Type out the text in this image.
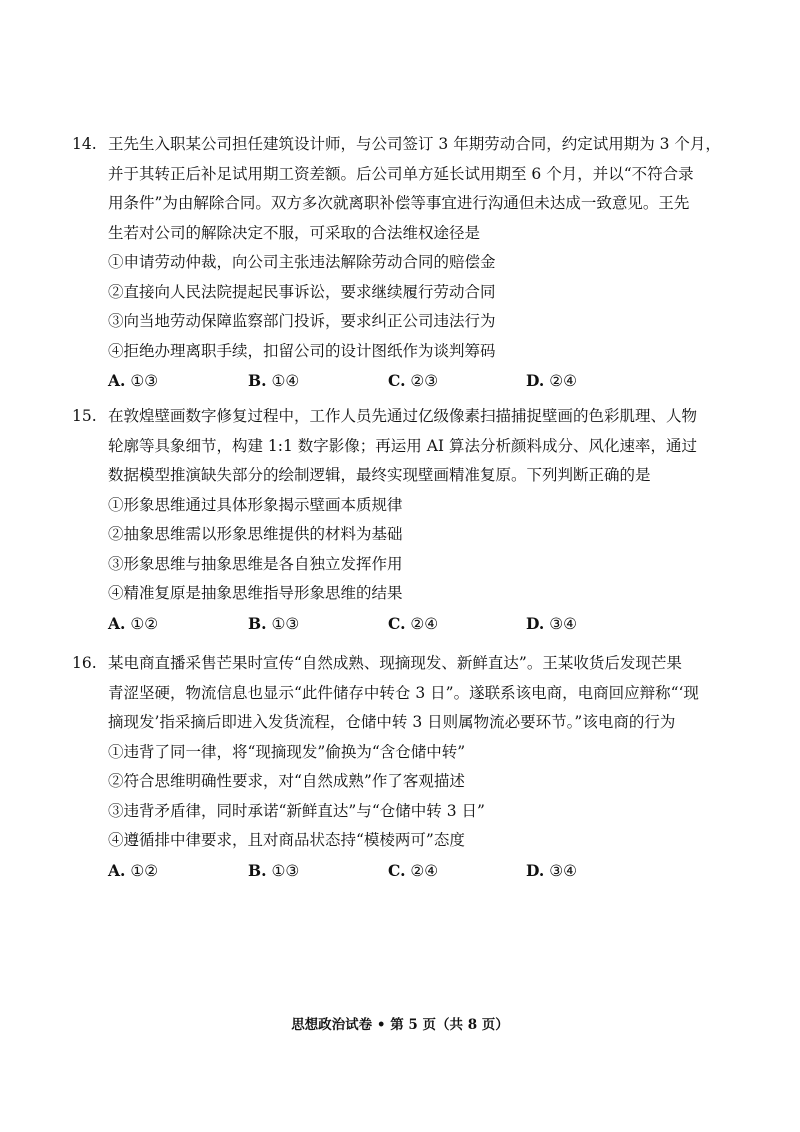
14. 王先生入职某公司担任建筑设计师，与公司签订 3 年期劳动合同，约定试用期为 3 个月，
并于其转正后补足试用期工资差额。后公司单方延长试用期至 6 个月，并以“不符合录
用条件”为由解除合同。双方多次就离职补偿等事宜进行沟通但未达成一致意见。王先
生若对公司的解除决定不服，可采取的合法维权途径是
①申请劳动仲裁，向公司主张违法解除劳动合同的赔偿金
②直接向人民法院提起民事诉讼，要求继续履行劳动合同
③向当地劳动保障监察部门投诉，要求纠正公司违法行为
④拒绝办理离职手续，扣留公司的设计图纸作为谈判筹码
A. ①③	B. ①④	C. ②③	D. ②④
15. 在敦煌壁画数字修复过程中，工作人员先通过亿级像素扫描捕捉壁画的色彩肌理、人物
轮廓等具象细节，构建 1:1 数字影像；再运用 AI 算法分析颜料成分、风化速率，通过
数据模型推演缺失部分的绘制逻辑，最终实现壁画精准复原。下列判断正确的是
①形象思维通过具体形象揭示壁画本质规律
②抽象思维需以形象思维提供的材料为基础
③形象思维与抽象思维是各自独立发挥作用
④精准复原是抽象思维指导形象思维的结果
A. ①②	B. ①③	C. ②④	D. ③④
16. 某电商直播采售芒果时宣传“自然成熟、现摘现发、新鲜直达”。王某收货后发现芒果
青涩坚硬，物流信息也显示“此件储存中转仓 3 日”。遂联系该电商，电商回应辩称“‘现
摘现发’指采摘后即进入发货流程，仓储中转 3 日则属物流必要环节。”该电商的行为
①违背了同一律，将“现摘现发”偷换为“含仓储中转”
②符合思维明确性要求，对“自然成熟”作了客观描述
③违背矛盾律，同时承诺“新鲜直达”与“仓储中转 3 日”
④遵循排中律要求，且对商品状态持“模棱两可”态度
A. ①②	B. ①③	C. ②④	D. ③④
思想政治试卷 • 第 5 页（共 8 页）
